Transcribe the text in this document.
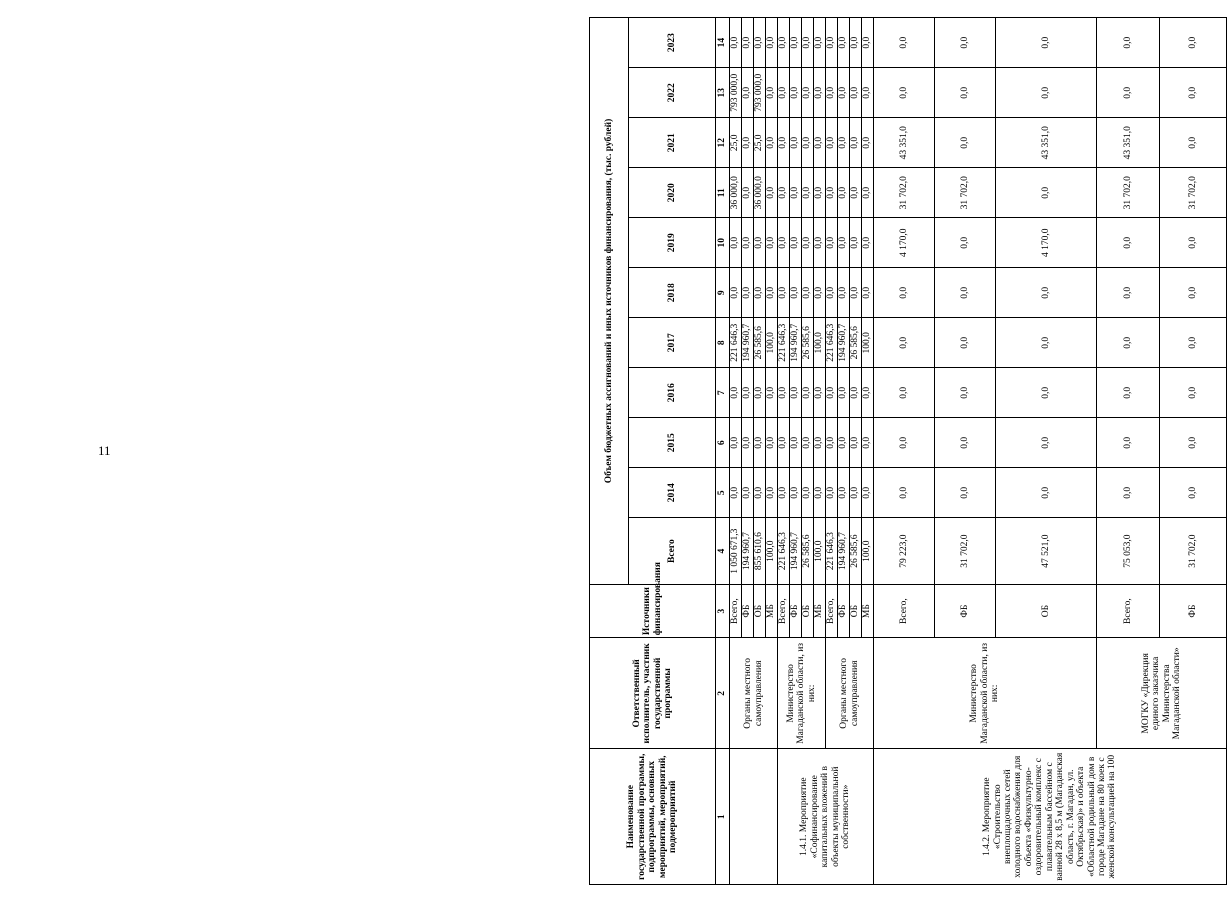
11
Наименование государственной программы, подпрограммы, основных мероприятий, мероприятий, подмероприятий	Ответственный исполнитель, участник государственной программы	Источники финансирования	Объем бюджетных ассигнований и иных источников финансирования, (тыс. рублей)										
			Всего	2014	2015	2016	2017	2018	2019	2020	2021	2022	2023
1	2	3	4	5	6	7	8	9	10	11	12	13	14
	Органы местного самоуправления	Всего,	1 050 671,3	0,0	0,0	0,0	221 646,3	0,0	0,0	36 000,0	25,0	793 000,0	0,0
		ФБ	194 960,7	0,0	0,0	0,0	194 960,7	0,0	0,0	0,0	0,0	0,0	0,0
		ОБ	855 610,6	0,0	0,0	0,0	26 585,6	0,0	0,0	36 000,0	25,0	793 000,0	0,0
		МБ	100,0	0,0	0,0	0,0	100,0	0,0	0,0	0,0	0,0	0,0	0,0
1.4.1. Мероприятие «Софинансирование капитальных вложений в объекты муниципальной собственности»	Министерство Магаданской области, из них:	Всего,	221 646,3	0,0	0,0	0,0	221 646,3	0,0	0,0	0,0	0,0	0,0	0,0
		ФБ	194 960,7	0,0	0,0	0,0	194 960,7	0,0	0,0	0,0	0,0	0,0	0,0
		ОБ	26 585,6	0,0	0,0	0,0	26 585,6	0,0	0,0	0,0	0,0	0,0	0,0
		МБ	100,0	0,0	0,0	0,0	100,0	0,0	0,0	0,0	0,0	0,0	0,0
	Органы местного самоуправления	Всего,	221 646,3	0,0	0,0	0,0	221 646,3	0,0	0,0	0,0	0,0	0,0	0,0
		ФБ	194 960,7	0,0	0,0	0,0	194 960,7	0,0	0,0	0,0	0,0	0,0	0,0
		ОБ	26 585,6	0,0	0,0	0,0	26 585,6	0,0	0,0	0,0	0,0	0,0	0,0
		МБ	100,0	0,0	0,0	0,0	100,0	0,0	0,0	0,0	0,0	0,0	0,0
1.4.2. Мероприятие «Строительство внеплощадочных сетей холодного водоснабжения для объекта «Физкультурно-оздоровительный комплекс с плавательным бассейном с ванной 28 х 8,5 м (Магаданская область, г. Магадан, ул. Октябрьская)» и объекта «Областной родильный дом в городе Магадане на 80 коек с женской консультацией на 100	Министерство Магаданской области, из них:	Всего,	79 223,0	0,0	0,0	0,0	0,0	0,0	4 170,0	31 702,0	43 351,0	0,0	0,0
		ФБ	31 702,0	0,0	0,0	0,0	0,0	0,0	0,0	31 702,0	0,0	0,0	0,0
		ОБ	47 521,0	0,0	0,0	0,0	0,0	0,0	4 170,0	0,0	43 351,0	0,0	0,0
	МОГКУ «Дирекция единого заказчика Министерства Магаданской области»	Всего,	75 053,0	0,0	0,0	0,0	0,0	0,0	0,0	31 702,0	43 351,0	0,0	0,0
		ФБ	31 702,0	0,0	0,0	0,0	0,0	0,0	0,0	31 702,0	0,0	0,0	0,0
